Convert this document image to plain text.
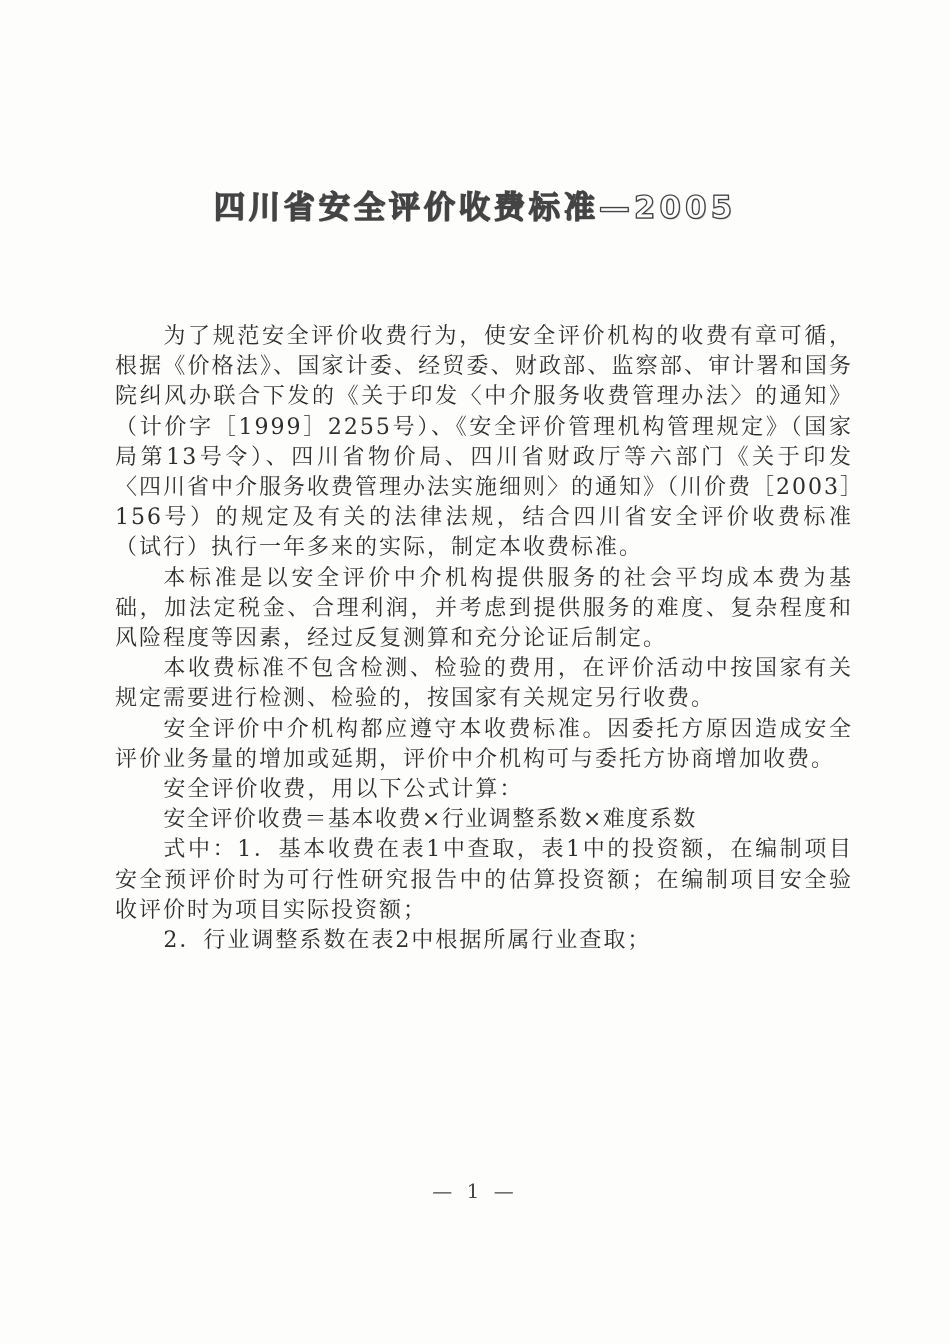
四川省安全评价收费标准—2005

为了规范安全评价收费行为，使安全评价机构的收费有章可循，根据《价格法》、国家计委、经贸委、财政部、监察部、审计署和国务院纠风办联合下发的《关于印发〈中介服务收费管理办法〉的通知》（计价字［1999］2255号）、《安全评价管理机构管理规定》（国家局第13号令）、四川省物价局、四川省财政厅等六部门《关于印发〈四川省中介服务收费管理办法实施细则〉的通知》（川价费［2003］156号）的规定及有关的法律法规，结合四川省安全评价收费标准（试行）执行一年多来的实际，制定本收费标准。

本标准是以安全评价中介机构提供服务的社会平均成本费为基础，加法定税金、合理利润，并考虑到提供服务的难度、复杂程度和风险程度等因素，经过反复测算和充分论证后制定。

本收费标准不包含检测、检验的费用，在评价活动中按国家有关规定需要进行检测、检验的，按国家有关规定另行收费。

安全评价中介机构都应遵守本收费标准。因委托方原因造成安全评价业务量的增加或延期，评价中介机构可与委托方协商增加收费。

安全评价收费，用以下公式计算：

安全评价收费＝基本收费×行业调整系数×难度系数

式中：1．基本收费在表1中查取，表1中的投资额，在编制项目安全预评价时为可行性研究报告中的估算投资额；在编制项目安全验收评价时为项目实际投资额；

2．行业调整系数在表2中根据所属行业查取；

— 1 —
